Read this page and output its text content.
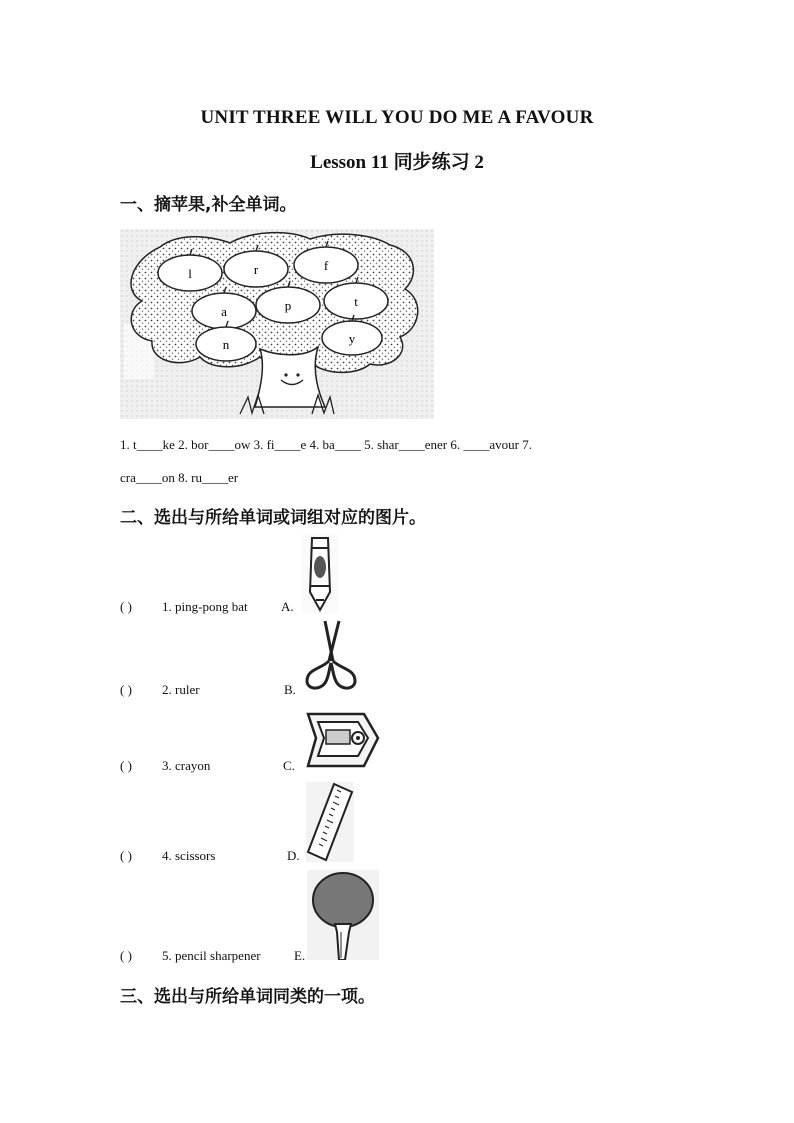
UNIT THREE WILL YOU DO ME A FAVOUR
Lesson 11 同步练习 2
一、摘苹果,补全单词。
l	r	f
a	p	t
n	y
1. t____ke 2. bor____ow 3. fi____e 4. ba____ 5. shar____ener 6. ____avour 7.
cra____on 8. ru____er
二、选出与所给单词或词组对应的图片。
( ) 1. ping-pong bat	A.
( ) 2. ruler	B.
( ) 3. crayon	C.
( ) 4. scissors	D.
( ) 5. pencil sharpener	E.
三、选出与所给单词同类的一项。
